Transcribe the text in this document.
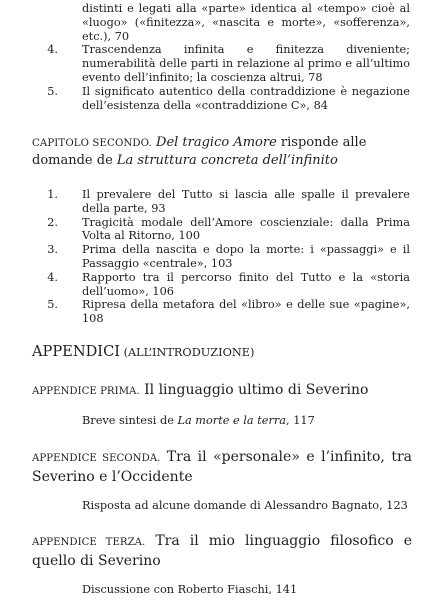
distinti e legati alla «parte» identica al «tempo» cioè al «luogo» («finitezza», «nascita e morte», «sofferenza», etc.), 70
4. Trascendenza infinita e finitezza diveniente; numerabilità delle parti in relazione al primo e all’ultimo evento dell’infinito; la coscienza altrui, 78
5. Il significato autentico della contraddizione è negazione dell’esistenza della «contraddizione C», 84
CAPITOLO SECONDO. Del tragico Amore risponde alle domande de La struttura concreta dell’infinito
1. Il prevalere del Tutto si lascia alle spalle il prevalere della parte, 93
2. Tragicità modale dell’Amore coscienziale: dalla Prima Volta al Ritorno, 100
3. Prima della nascita e dopo la morte: i «passaggi» e il Passaggio «centrale», 103
4. Rapporto tra il percorso finito del Tutto e la «storia dell’uomo», 106
5. Ripresa della metafora del «libro» e delle sue «pagine», 108
APPENDICI (ALL’INTRODUZIONE)
APPENDICE PRIMA. Il linguaggio ultimo di Severino
Breve sintesi de La morte e la terra, 117
APPENDICE SECONDA. Tra il «personale» e l’infinito, tra Severino e l’Occidente
Risposta ad alcune domande di Alessandro Bagnato, 123
APPENDICE TERZA. Tra il mio linguaggio filosofico e quello di Severino
Discussione con Roberto Fiaschi, 141
